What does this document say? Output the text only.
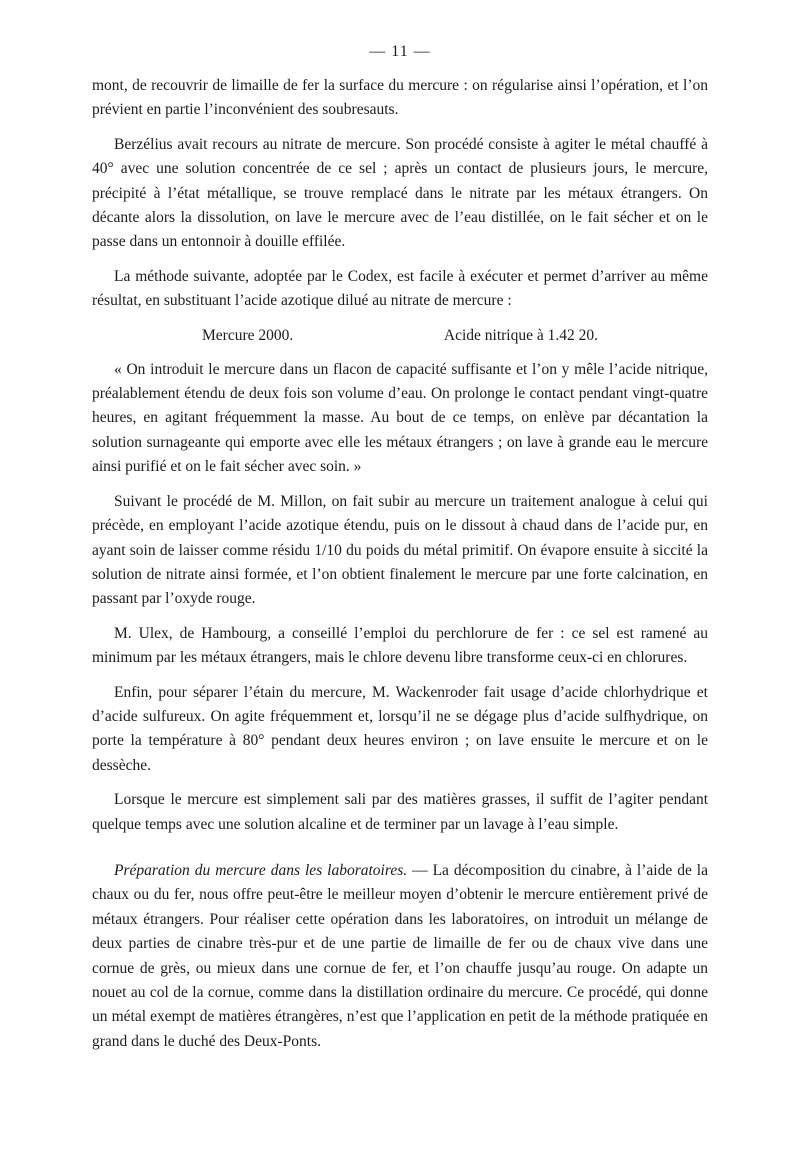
— 11 —

mont, de recouvrir de limaille de fer la surface du mercure : on régularise ainsi l’opération, et l’on prévient en partie l’inconvénient des soubresauts.

Berzélius avait recours au nitrate de mercure. Son procédé consiste à agiter le métal chauffé à 40° avec une solution concentrée de ce sel ; après un contact de plusieurs jours, le mercure, précipité à l’état métallique, se trouve remplacé dans le nitrate par les métaux étrangers. On décante alors la dissolution, on lave le mercure avec de l’eau distillée, on le fait sécher et on le passe dans un entonnoir à douille effilée.

La méthode suivante, adoptée par le Codex, est facile à exécuter et permet d’arriver au même résultat, en substituant l’acide azotique dilué au nitrate de mercure :

Mercure 2000.	Acide nitrique à 1.42 20.

« On introduit le mercure dans un flacon de capacité suffisante et l’on y mêle l’acide nitrique, préalablement étendu de deux fois son volume d’eau. On prolonge le contact pendant vingt-quatre heures, en agitant fréquemment la masse. Au bout de ce temps, on enlève par décantation la solution surnageante qui emporte avec elle les métaux étrangers ; on lave à grande eau le mercure ainsi purifié et on le fait sécher avec soin. »

Suivant le procédé de M. Millon, on fait subir au mercure un traitement analogue à celui qui précède, en employant l’acide azotique étendu, puis on le dissout à chaud dans de l’acide pur, en ayant soin de laisser comme résidu 1/10 du poids du métal primitif. On évapore ensuite à siccité la solution de nitrate ainsi formée, et l’on obtient finalement le mercure par une forte calcination, en passant par l’oxyde rouge.

M. Ulex, de Hambourg, a conseillé l’emploi du perchlorure de fer : ce sel est ramené au minimum par les métaux étrangers, mais le chlore devenu libre transforme ceux-ci en chlorures.

Enfin, pour séparer l’étain du mercure, M. Wackenroder fait usage d’acide chlorhydrique et d’acide sulfureux. On agite fréquemment et, lorsqu’il ne se dégage plus d’acide sulfhydrique, on porte la température à 80° pendant deux heures environ ; on lave ensuite le mercure et on le dessèche.

Lorsque le mercure est simplement sali par des matières grasses, il suffit de l’agiter pendant quelque temps avec une solution alcaline et de terminer par un lavage à l’eau simple.

Préparation du mercure dans les laboratoires. — La décomposition du cinabre, à l’aide de la chaux ou du fer, nous offre peut-être le meilleur moyen d’obtenir le mercure entièrement privé de métaux étrangers. Pour réaliser cette opération dans les laboratoires, on introduit un mélange de deux parties de cinabre très-pur et de une partie de limaille de fer ou de chaux vive dans une cornue de grès, ou mieux dans une cornue de fer, et l’on chauffe jusqu’au rouge. On adapte un nouet au col de la cornue, comme dans la distillation ordinaire du mercure. Ce procédé, qui donne un métal exempt de matières étrangères, n’est que l’application en petit de la méthode pratiquée en grand dans le duché des Deux-Ponts.
